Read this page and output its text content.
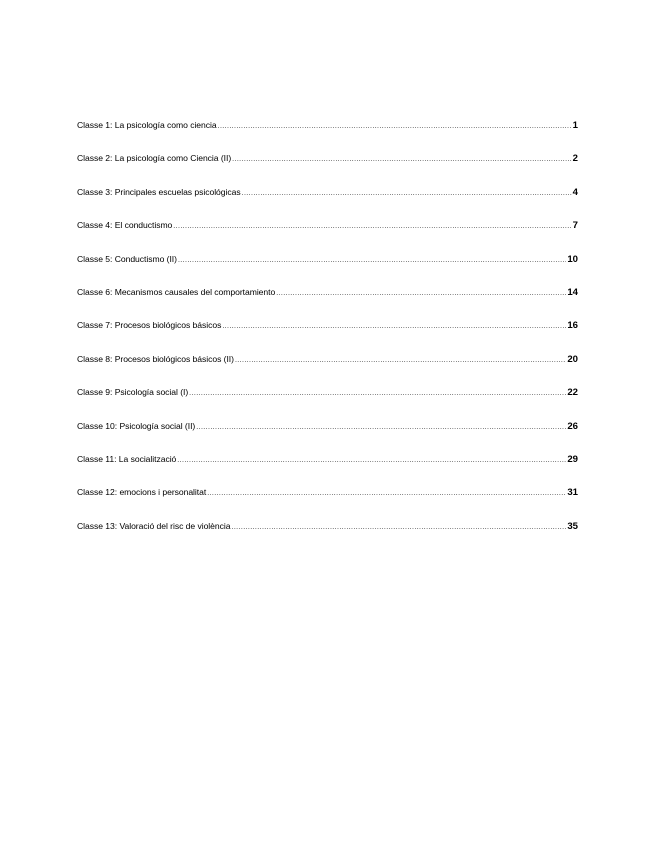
Classe 1: La psicología como ciencia .....	1
Classe 2: La psicología como Ciencia (II) .....	2
Classe 3: Principales escuelas psicológicas .....	4
Classe 4: El conductismo .....	7
Classe 5: Conductismo (II) .....	10
Classe 6: Mecanismos causales del comportamiento .....	14
Classe 7: Procesos biológicos básicos .....	16
Classe 8: Procesos biológicos básicos (II) .....	20
Classe 9: Psicología social (I) .....	22
Classe 10: Psicología social (II) .....	26
Classe 11: La socialització .....	29
Classe 12: emocions i personalitat .....	31
Classe 13: Valoració del risc de violència .....	35
